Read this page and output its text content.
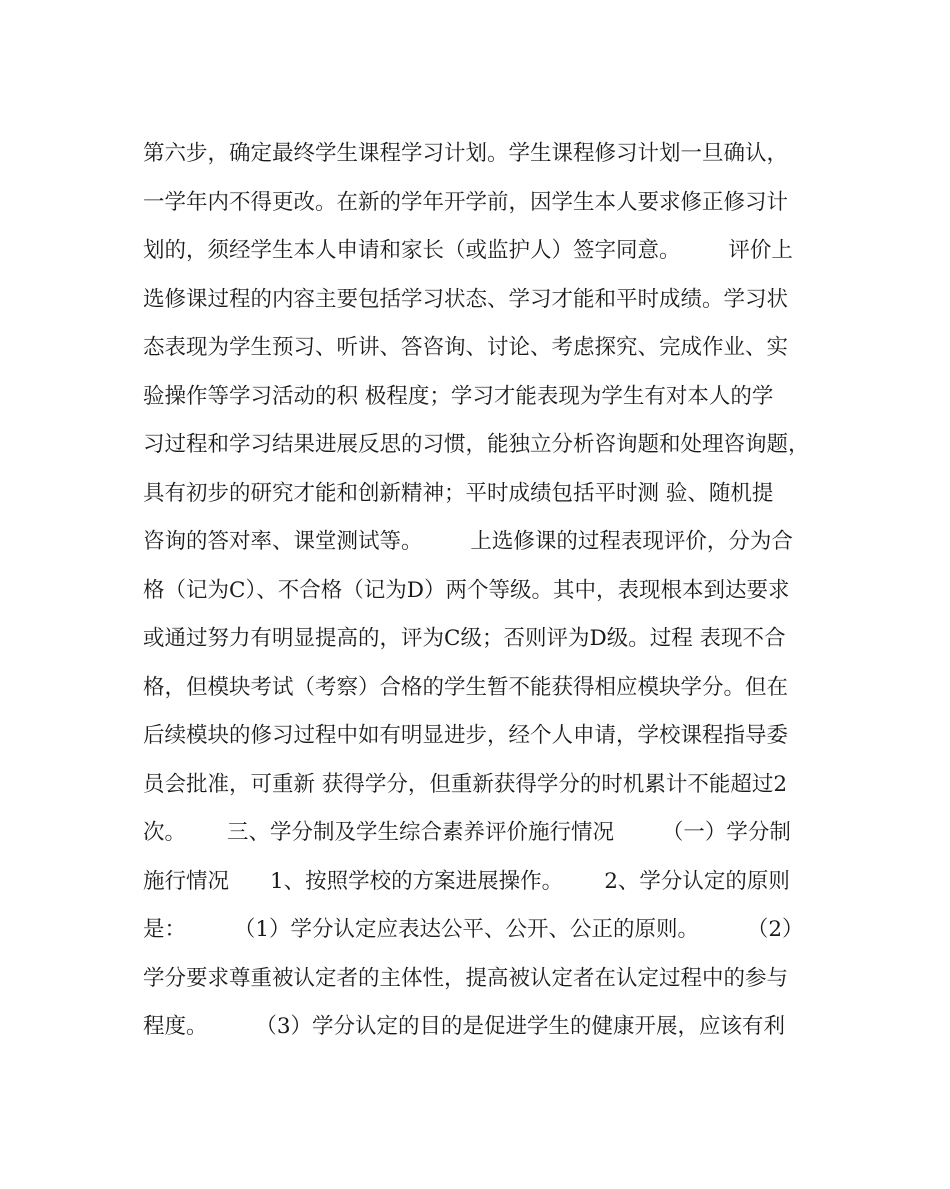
第六步，确定最终学生课程学习计划。学生课程修习计划一旦确认，
一学年内不得更改。在新的学年开学前，因学生本人要求修正修习计
划的，须经学生本人申请和家长（或监护人）签字同意。       评价上
选修课过程的内容主要包括学习状态、学习才能和平时成绩。学习状
态表现为学生预习、听讲、答咨询、讨论、考虑探究、完成作业、实
验操作等学习活动的积 极程度；学习才能表现为学生有对本人的学
习过程和学习结果进展反思的习惯，能独立分析咨询题和处理咨询题，
具有初步的研究才能和创新精神；平时成绩包括平时测 验、随机提
咨询的答对率、课堂测试等。       上选修课的过程表现评价，分为合
格（记为C）、不合格（记为D）两个等级。其中，表现根本到达要求
或通过努力有明显提高的，评为C级；否则评为D级。过程 表现不合
格，但模块考试（考察）合格的学生暂不能获得相应模块学分。但在
后续模块的修习过程中如有明显进步，经个人申请，学校课程指导委
员会批准，可重新 获得学分，但重新获得学分的时机累计不能超过2
次。      三、学分制及学生综合素养评价施行情况       （一）学分制
施行情况      1、按照学校的方案进展操作。      2、学分认定的原则
是：       （1）学分认定应表达公平、公开、公正的原则。       （2）
学分要求尊重被认定者的主体性，提高被认定者在认定过程中的参与
程度。       （3）学分认定的目的是促进学生的健康开展，应该有利
